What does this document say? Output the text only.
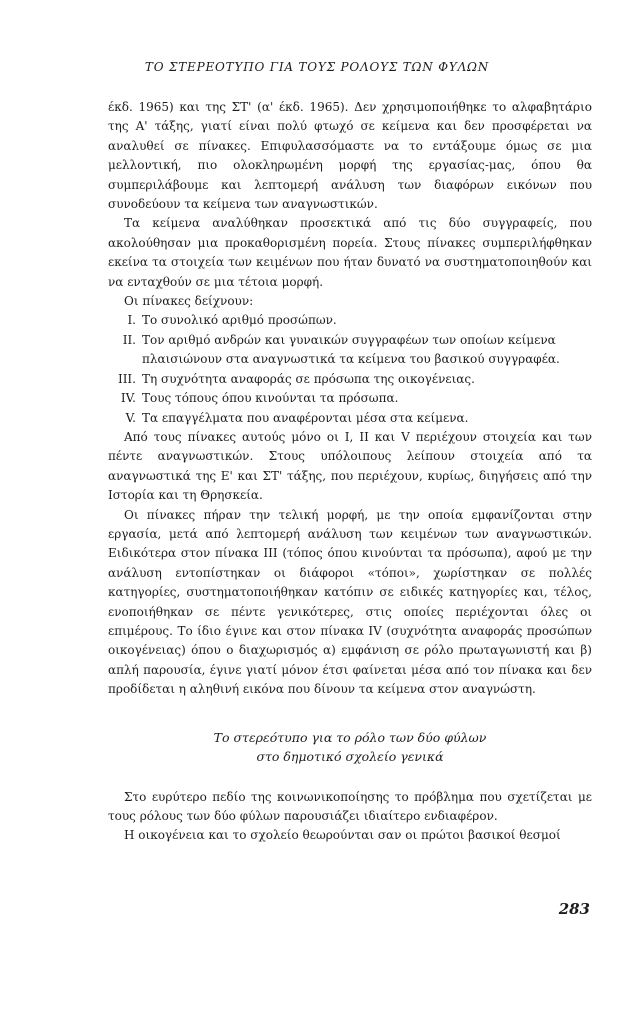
ΤΟ ΣΤΕΡΕΟΤΥΠΟ ΓΙΑ ΤΟΥΣ ΡΟΛΟΥΣ ΤΩΝ ΦΥΛΩΝ

έκδ. 1965) και της ΣΤ' (α' έκδ. 1965). Δεν χρησιμοποιήθηκε το αλφαβητάριο της Α' τάξης, γιατί είναι πολύ φτωχό σε κείμενα και δεν προσφέρεται να αναλυθεί σε πίνακες. Επιφυλασσόμαστε να το εντάξουμε όμως σε μια μελλοντική, πιο ολοκληρωμένη μορφή της εργασίας-μας, όπου θα συμπεριλάβουμε και λεπτομερή ανάλυση των διαφόρων εικόνων που συνοδεύουν τα κείμενα των αναγνωστικών.

Τα κείμενα αναλύθηκαν προσεκτικά από τις δύο συγγραφείς, που ακολούθησαν μια προκαθορισμένη πορεία. Στους πίνακες συμπεριλήφθηκαν εκείνα τα στοιχεία των κειμένων που ήταν δυνατό να συστηματοποιηθούν και να ενταχθούν σε μια τέτοια μορφή.

Οι πίνακες δείχνουν:

I. Το συνολικό αριθμό προσώπων.
II. Τον αριθμό ανδρών και γυναικών συγγραφέων των οποίων κείμενα πλαισιώνουν στα αναγνωστικά τα κείμενα του βασικού συγγραφέα.
III. Τη συχνότητα αναφοράς σε πρόσωπα της οικογένειας.
IV. Τους τόπους όπου κινούνται τα πρόσωπα.
V. Τα επαγγέλματα που αναφέρονται μέσα στα κείμενα.

Από τους πίνακες αυτούς μόνο οι I, II και V περιέχουν στοιχεία και των πέντε αναγνωστικών. Στους υπόλοιπους λείπουν στοιχεία από τα αναγνωστικά της Ε' και ΣΤ' τάξης, που περιέχουν, κυρίως, διηγήσεις από την Ιστορία και τη Θρησκεία.

Οι πίνακες πήραν την τελική μορφή, με την οποία εμφανίζονται στην εργασία, μετά από λεπτομερή ανάλυση των κειμένων των αναγνωστικών. Ειδικότερα στον πίνακα III (τόπος όπου κινούνται τα πρόσωπα), αφού με την ανάλυση εντοπίστηκαν οι διάφοροι «τόποι», χωρίστηκαν σε πολλές κατηγορίες, συστηματοποιήθηκαν κατόπιν σε ειδικές κατηγορίες και, τέλος, ενοποιήθηκαν σε πέντε γενικότερες, στις οποίες περιέχονται όλες οι επιμέρους. Το ίδιο έγινε και στον πίνακα IV (συχνότητα αναφοράς προσώπων οικογένειας) όπου ο διαχωρισμός α) εμφάνιση σε ρόλο πρωταγωνιστή και β) απλή παρουσία, έγινε γιατί μόνον έτσι φαίνεται μέσα από τον πίνακα και δεν προδίδεται η αληθινή εικόνα που δίνουν τα κείμενα στον αναγνώστη.

Το στερεότυπο για το ρόλο των δύο φύλων
στο δημοτικό σχολείο γενικά

Στο ευρύτερο πεδίο της κοινωνικοποίησης το πρόβλημα που σχετίζεται με τους ρόλους των δύο φύλων παρουσιάζει ιδιαίτερο ενδιαφέρον.

Η οικογένεια και το σχολείο θεωρούνται σαν οι πρώτοι βασικοί θεσμοί

283
